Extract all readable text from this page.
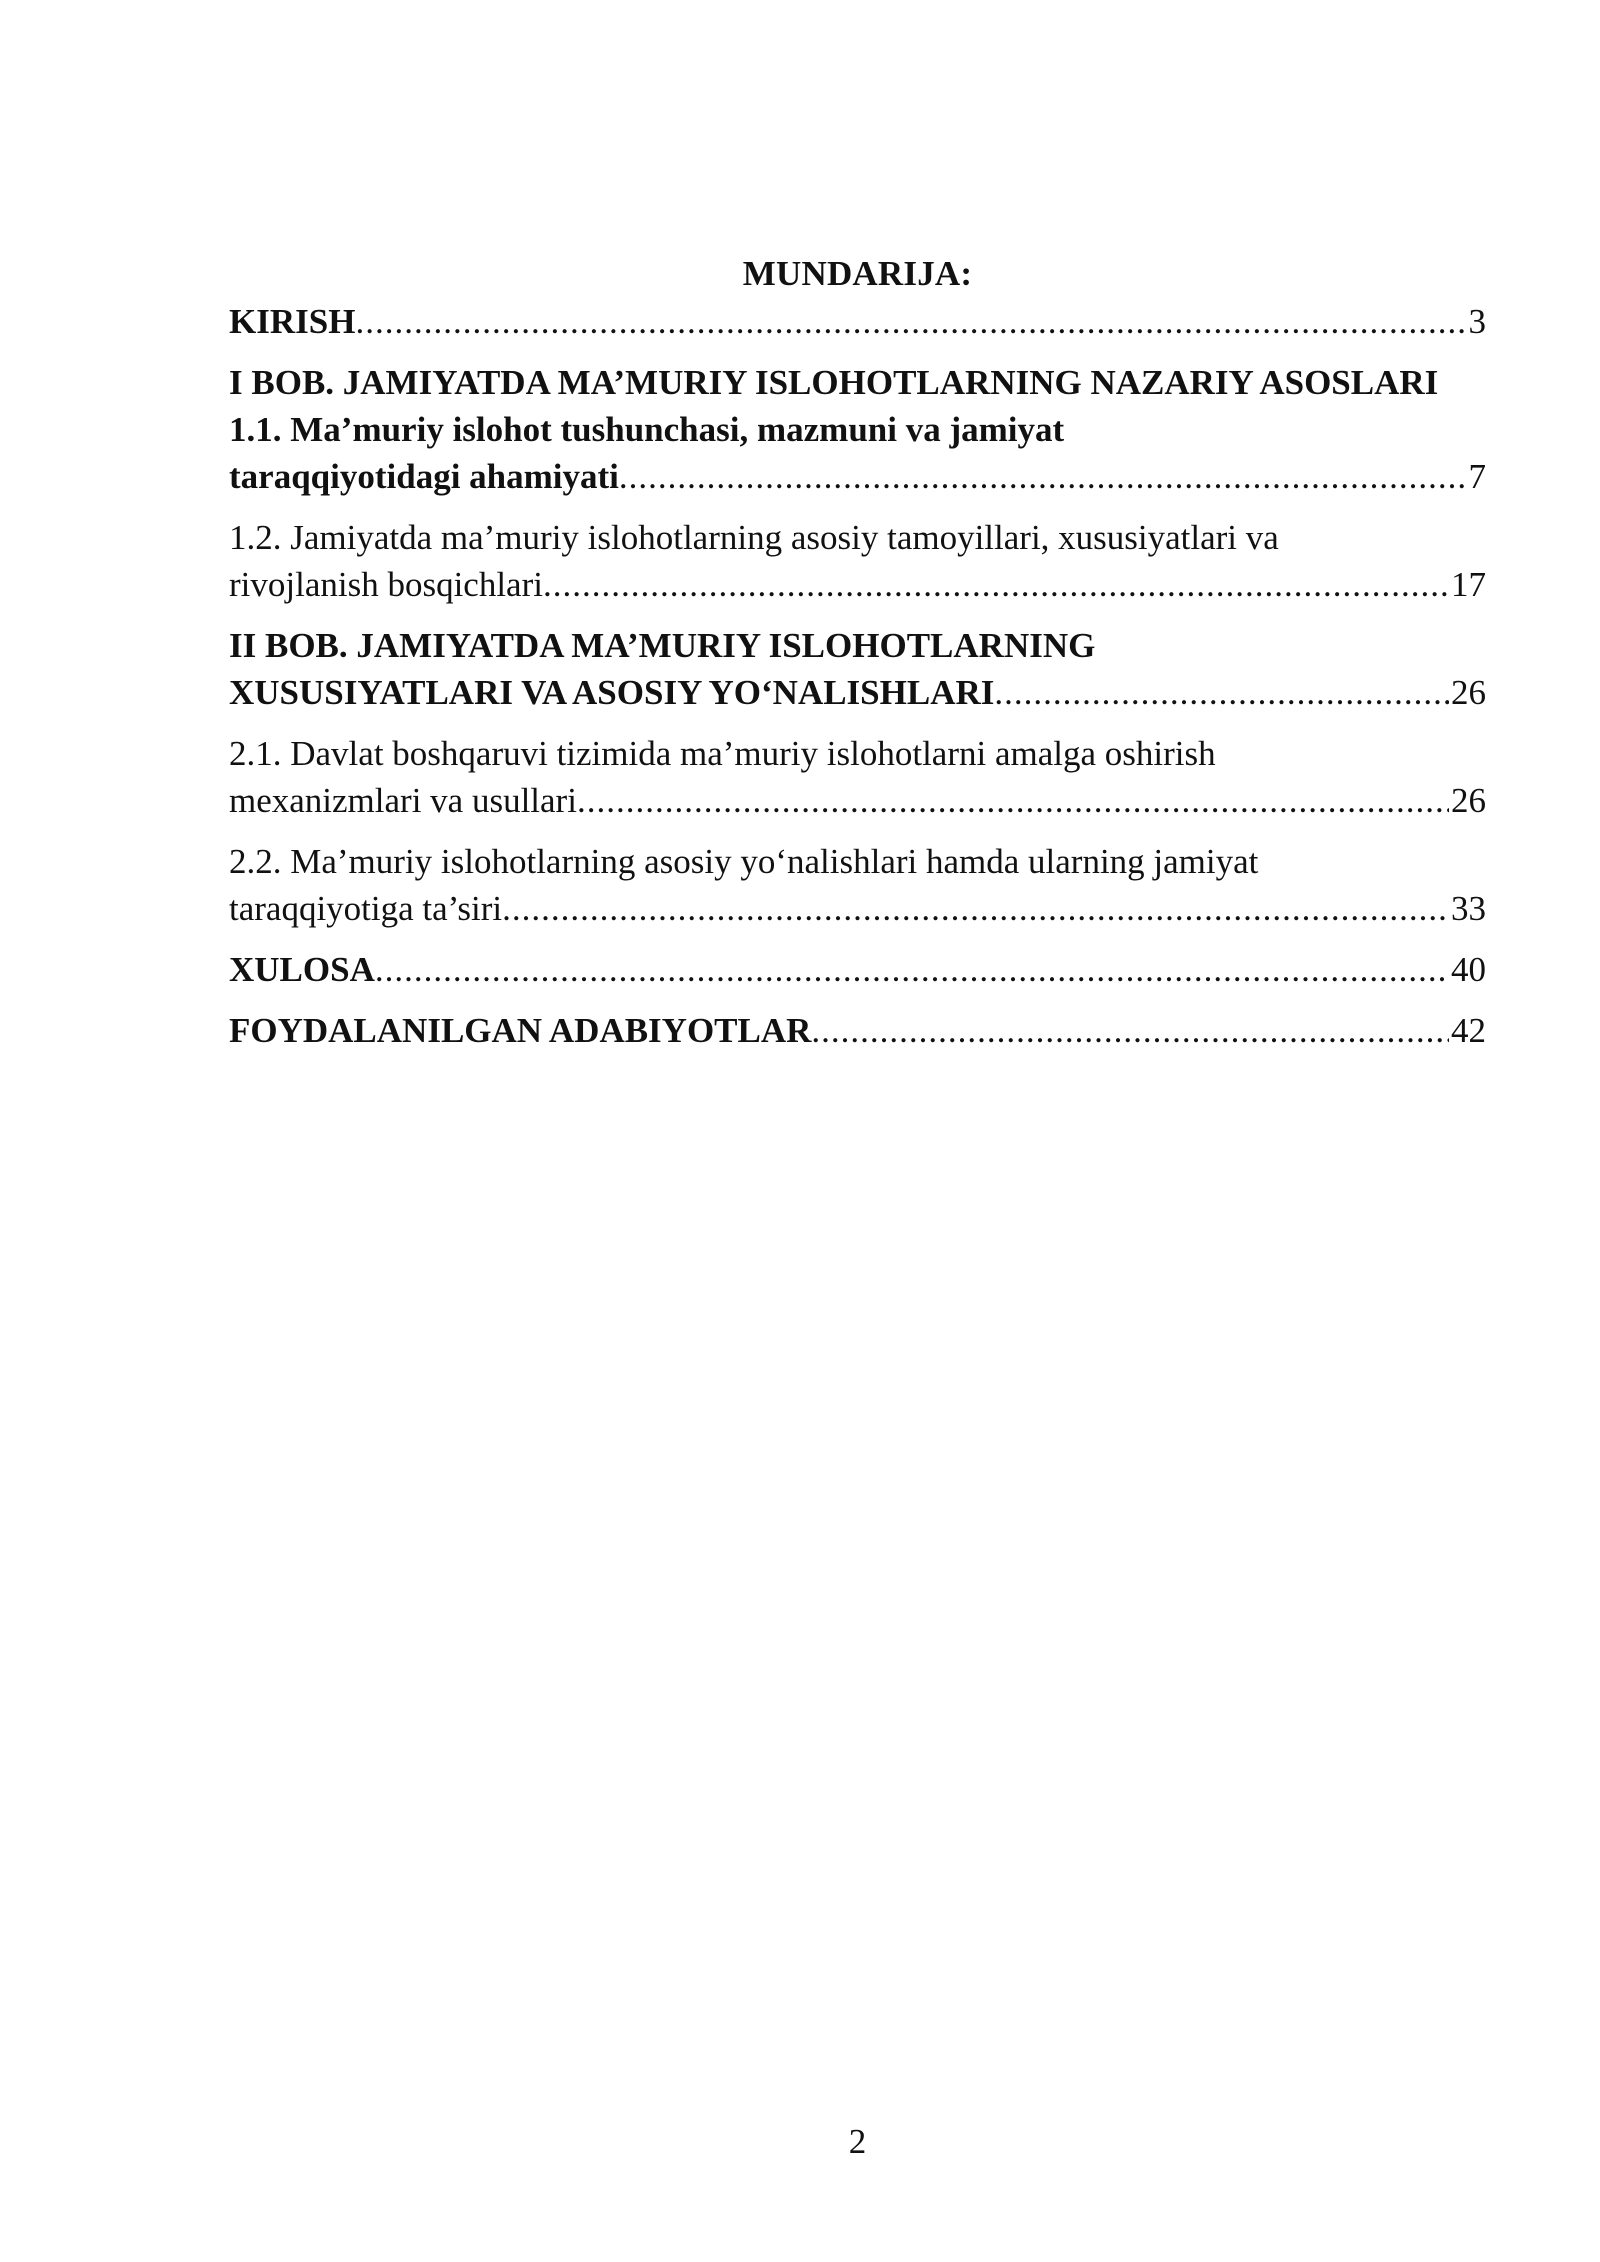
MUNDARIJA:
KIRISH .....	3
I BOB. JAMIYATDA MA’MURIY ISLOHOTLARNING NAZARIY ASOSLARI 1.1. Ma’muriy islohot tushunchasi, mazmuni va jamiyat
taraqqiyotidagi ahamiyati .....	7
1.2. Jamiyatda ma’muriy islohotlarning asosiy tamoyillari, xususiyatlari va
rivojlanish bosqichlari .....	17
II BOB. JAMIYATDA MA’MURIY ISLOHOTLARNING
XUSUSIYATLARI VA ASOSIY YO‘NALISHLARI .....	26
2.1. Davlat boshqaruvi tizimida ma’muriy islohotlarni amalga oshirish
mexanizmlari va usullari .....	26
2.2. Ma’muriy islohotlarning asosiy yo‘nalishlari hamda ularning jamiyat
taraqqiyotiga ta’siri .....	33
XULOSA .....	40
FOYDALANILGAN ADABIYOTLAR .....	42
2
